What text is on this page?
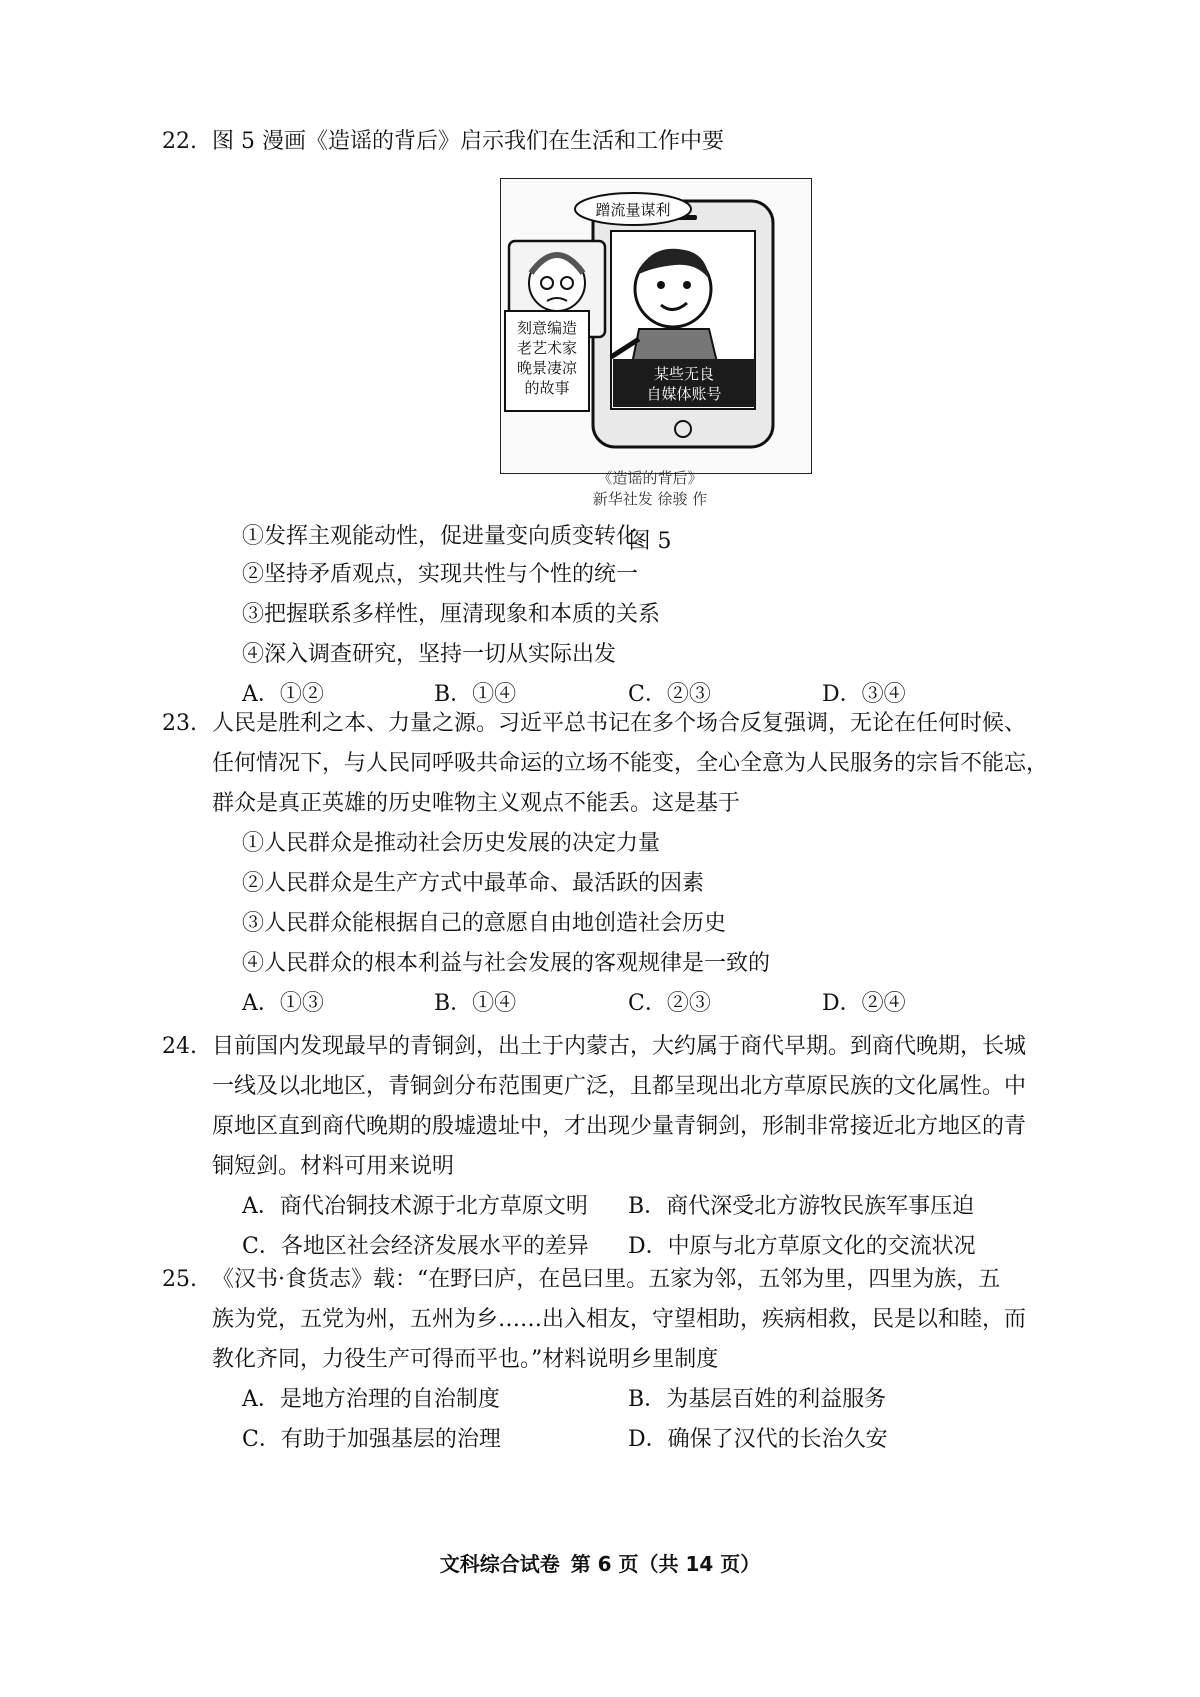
22. 图 5 漫画《造谣的背后》启示我们在生活和工作中要
蹭流量谋利
刻意编造
老艺术家
晚景凄凉
的故事
某些无良
自媒体账号
《造谣的背后》
新华社发 徐骏 作
图 5
①发挥主观能动性，促进量变向质变转化
②坚持矛盾观点，实现共性与个性的统一
③把握联系多样性，厘清现象和本质的关系
④深入调查研究，坚持一切从实际出发
A．①②	B．①④	C．②③	D．③④
23. 人民是胜利之本、力量之源。习近平总书记在多个场合反复强调，无论在任何时候、
任何情况下，与人民同呼吸共命运的立场不能变，全心全意为人民服务的宗旨不能忘，
群众是真正英雄的历史唯物主义观点不能丢。这是基于
①人民群众是推动社会历史发展的决定力量
②人民群众是生产方式中最革命、最活跃的因素
③人民群众能根据自己的意愿自由地创造社会历史
④人民群众的根本利益与社会发展的客观规律是一致的
A．①③	B．①④	C．②③	D．②④
24. 目前国内发现最早的青铜剑，出土于内蒙古，大约属于商代早期。到商代晚期，长城
一线及以北地区，青铜剑分布范围更广泛，且都呈现出北方草原民族的文化属性。中
原地区直到商代晚期的殷墟遗址中，才出现少量青铜剑，形制非常接近北方地区的青
铜短剑。材料可用来说明
A．商代冶铜技术源于北方草原文明 B．商代深受北方游牧民族军事压迫
C．各地区社会经济发展水平的差异 D．中原与北方草原文化的交流状况
25. 《汉书·食货志》载：“在野曰庐，在邑曰里。五家为邻，五邻为里，四里为族，五
族为党，五党为州，五州为乡……出入相友，守望相助，疾病相救，民是以和睦，而
教化齐同，力役生产可得而平也。”材料说明乡里制度
A．是地方治理的自治制度	B．为基层百姓的利益服务
C．有助于加强基层的治理	D．确保了汉代的长治久安
文科综合试卷 第 6 页（共 14 页）
